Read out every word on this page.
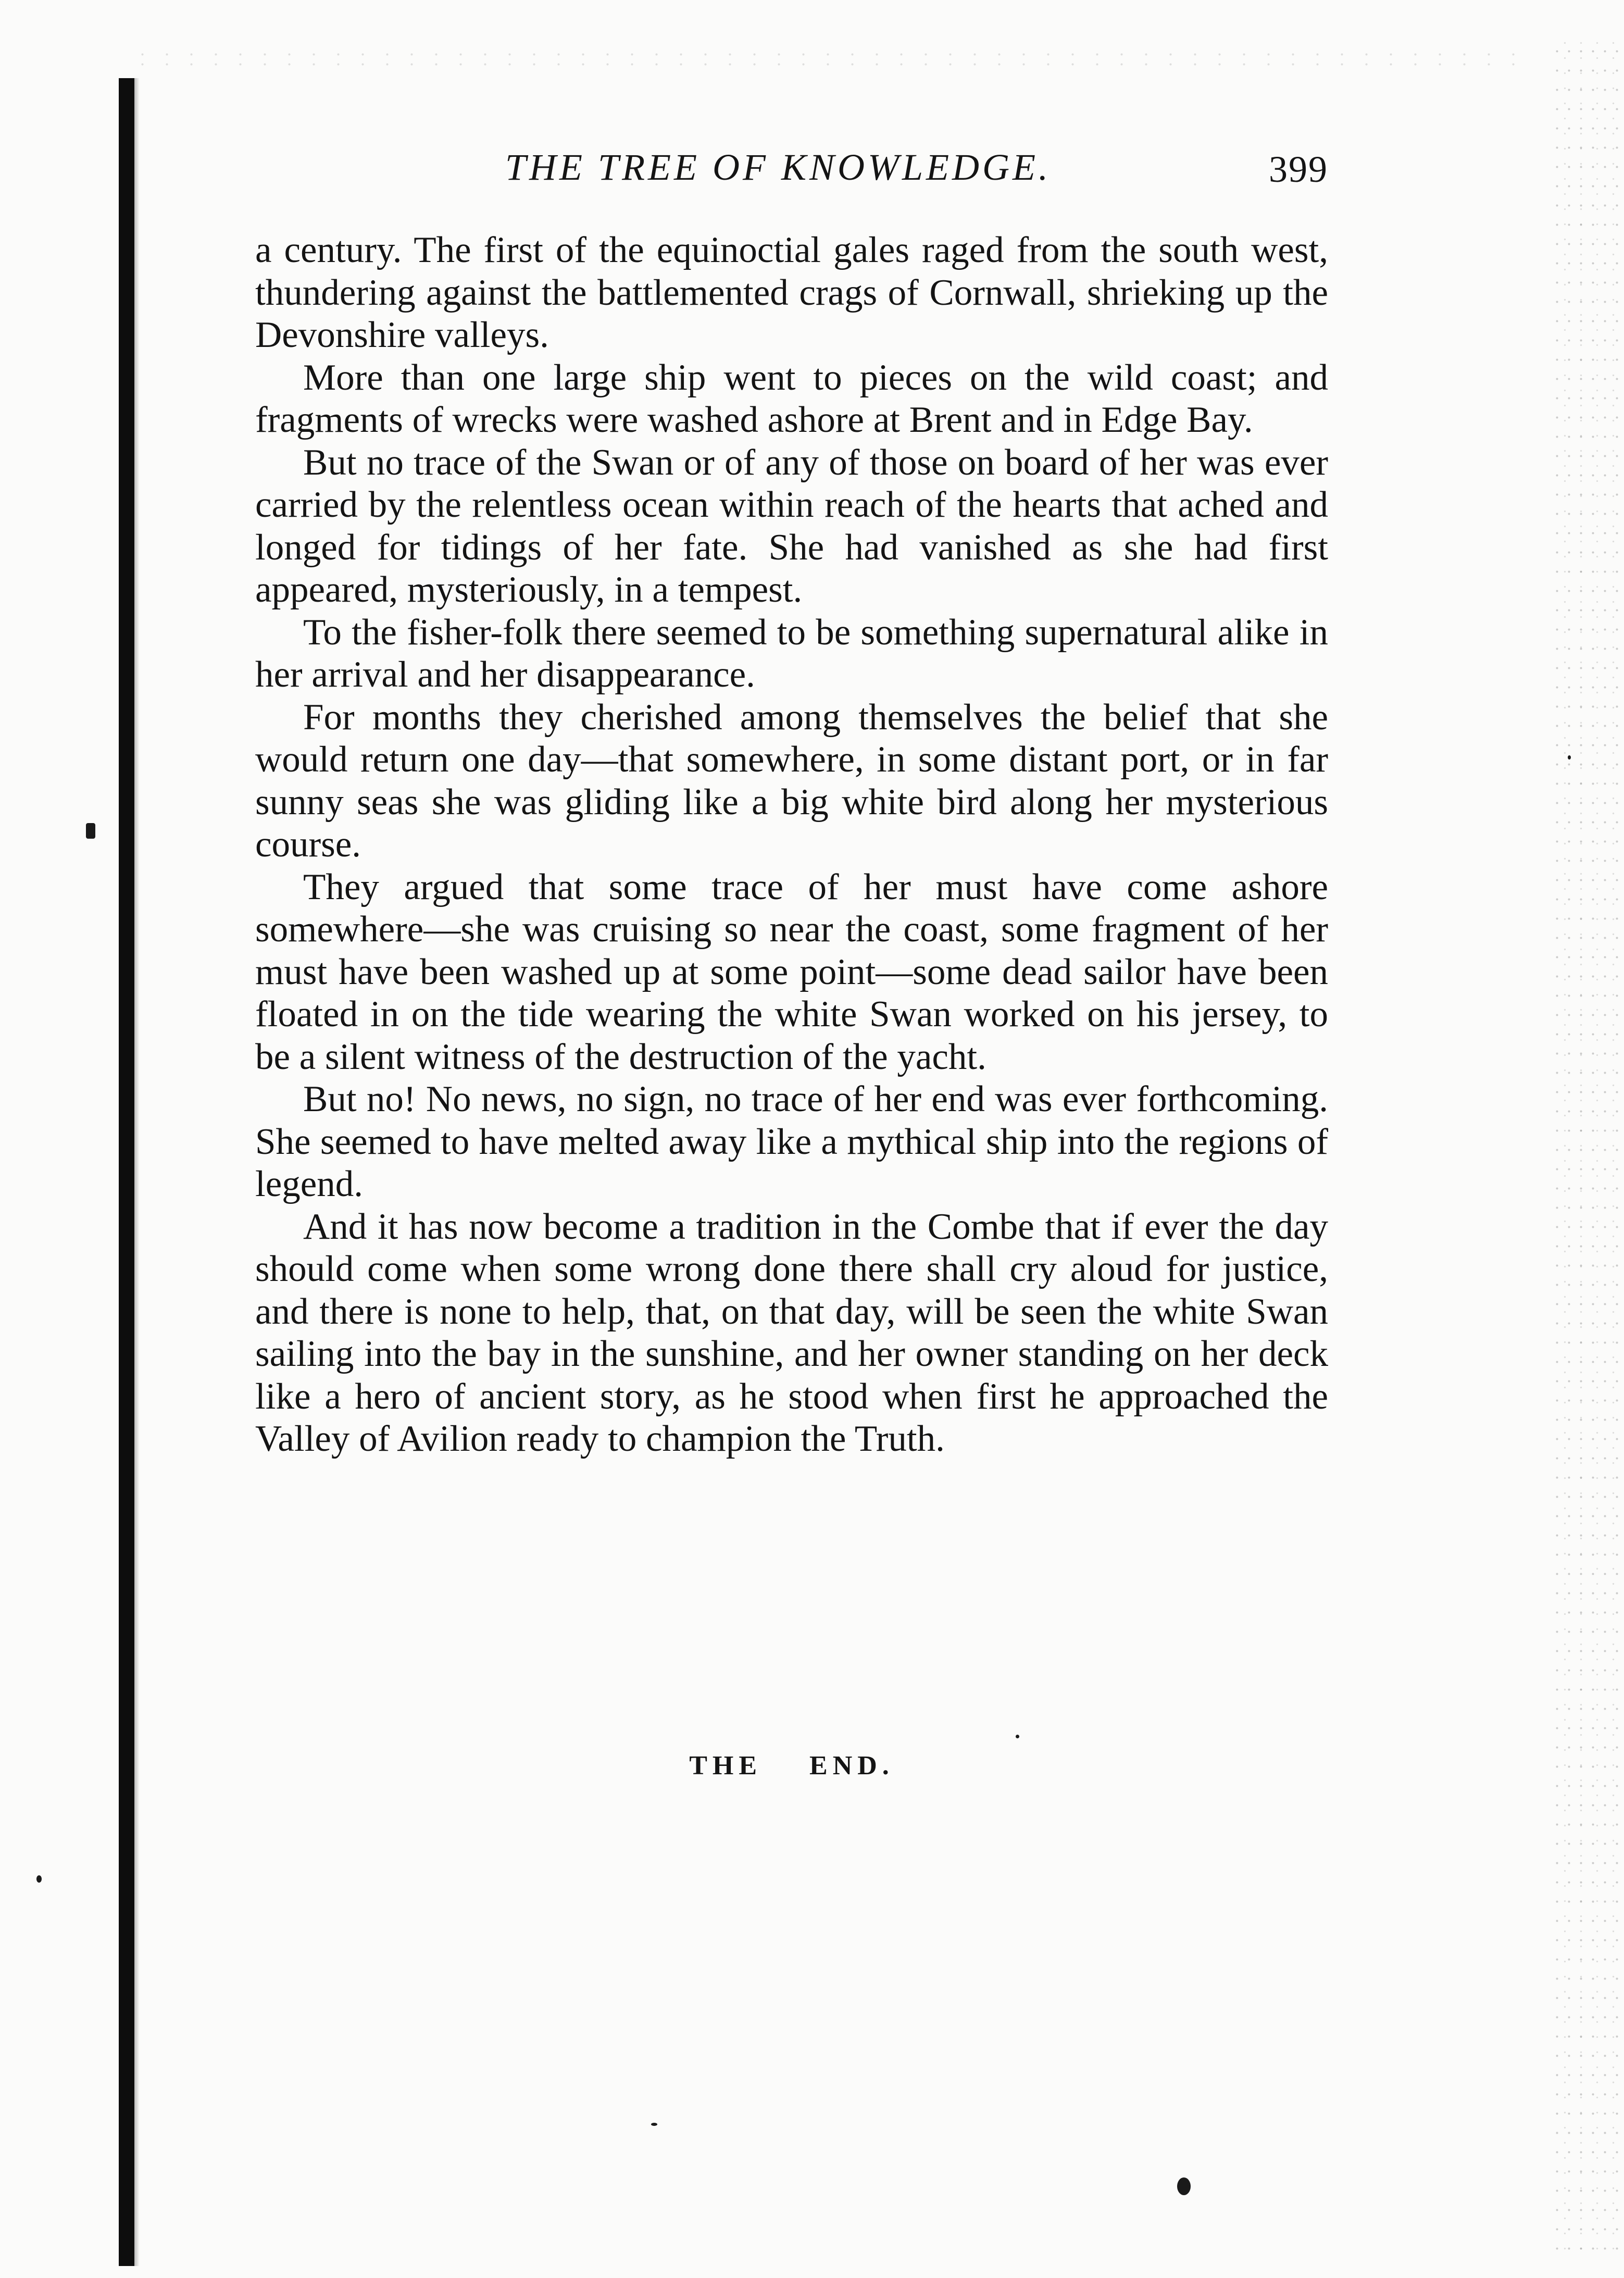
THE TREE OF KNOWLEDGE.	399

a century. The first of the equinoctial gales raged from the south west, thundering against the battlemented crags of Cornwall, shrieking up the Devonshire valleys.

More than one large ship went to pieces on the wild coast; and fragments of wrecks were washed ashore at Brent and in Edge Bay.

But no trace of the Swan or of any of those on board of her was ever carried by the relentless ocean within reach of the hearts that ached and longed for tidings of her fate. She had vanished as she had first appeared, mysteriously, in a tempest.

To the fisher-folk there seemed to be something supernatural alike in her arrival and her disappearance.

For months they cherished among themselves the belief that she would return one day—that somewhere, in some distant port, or in far sunny seas she was gliding like a big white bird along her mysterious course.

They argued that some trace of her must have come ashore somewhere—she was cruising so near the coast, some fragment of her must have been washed up at some point—some dead sailor have been floated in on the tide wearing the white Swan worked on his jersey, to be a silent witness of the destruction of the yacht.

But no! No news, no sign, no trace of her end was ever forthcoming. She seemed to have melted away like a mythical ship into the regions of legend.

And it has now become a tradition in the Combe that if ever the day should come when some wrong done there shall cry aloud for justice, and there is none to help, that, on that day, will be seen the white Swan sailing into the bay in the sunshine, and her owner standing on her deck like a hero of ancient story, as he stood when first he approached the Valley of Avilion ready to champion the Truth.

THE END.
